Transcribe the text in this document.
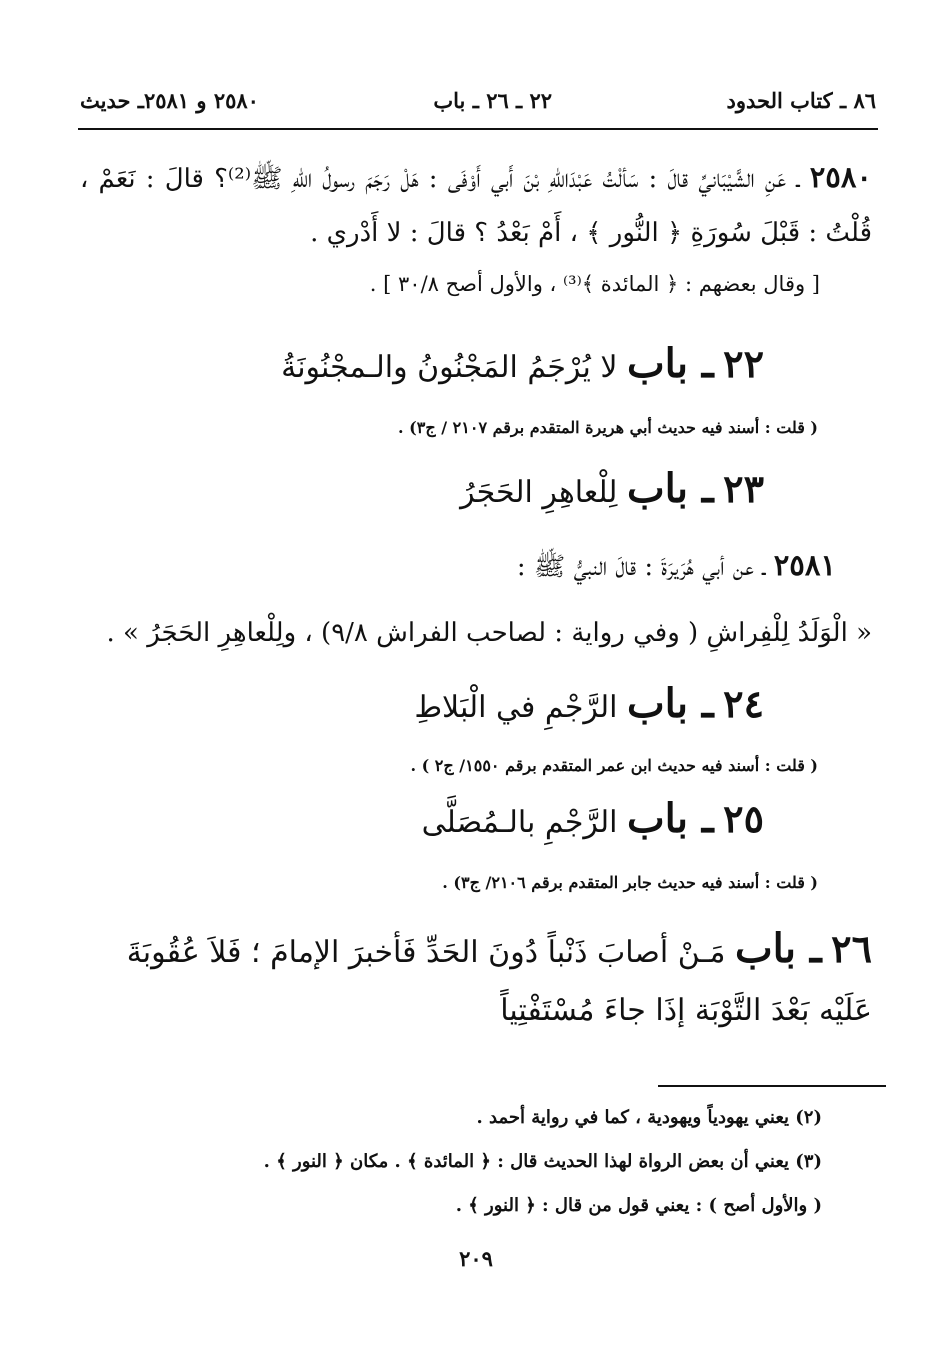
٨٦ ـ كتاب الحدود
٢٢ ـ ٢٦ ـ باب
٢٥٨٠ و ٢٥٨١ـ حديث
٢٥٨٠ ـ عَنِ الشَّيْبَانيِّ قالَ : سَألْتُ عَبْدَاللهِ بْنَ أَبي أَوْفَى : هَلْ رَجَمَ رسولُ اللهِ ﷺ⁽²⁾؟ قالَ : نَعَمْ ، قُلْتُ : قَبْلَ سُورَةِ ﴿ النُّور ﴾ ، أَمْ بَعْدُ ؟ قالَ : لا أَدْري .
[ وقال بعضهم : ﴿ المائدة ﴾⁽³⁾ ، والأول أصح ٣٠/٨ ] .
٢٢ ـ باب لا يُرْجَمُ المَجْنُونُ والـمجْنُونَةُ
( قلت : أسند فيه حديث أبي هريرة المتقدم برقم ٢١٠٧ / ج٣) .
٢٣ ـ باب لِلْعاهِرِ الحَجَرُ
٢٥٨١ ـ عن أبي هُرَيرَةَ : قالَ النبيُّ ﷺ :
« الْوَلَدُ لِلْفِراشِ ( وفي رواية : لصاحب الفراش ٩/٨) ، ولِلْعاهِرِ الحَجَرُ » .
٢٤ ـ باب الرَّجْمِ في الْبَلاطِ
( قلت : أسند فيه حديث ابن عمر المتقدم برقم ١٥٥٠/ ج٢ ) .
٢٥ ـ باب الرَّجْمِ بالـمُصَلَّى
( قلت : أسند فيه حديث جابر المتقدم برقم ٢١٠٦/ ج٣) .
٢٦ ـ باب مَـنْ أصابَ ذَنْباً دُونَ الحَدِّ فَأخبرَ الإمامَ ؛ فَلاَ عُقُوبَةَ عَلَيْه بَعْدَ التَّوْبَة إذَا جاءَ مُسْتَفْتِياً
(٢) يعني يهودياً ويهودية ، كما في رواية أحمد .
(٣) يعني أن بعض الرواة لهذا الحديث قال : ﴿ المائدة ﴾ . مكان ﴿ النور ﴾ .
( والأول أصح ) : يعني قول من قال : ﴿ النور ﴾ .
٢٠٩
